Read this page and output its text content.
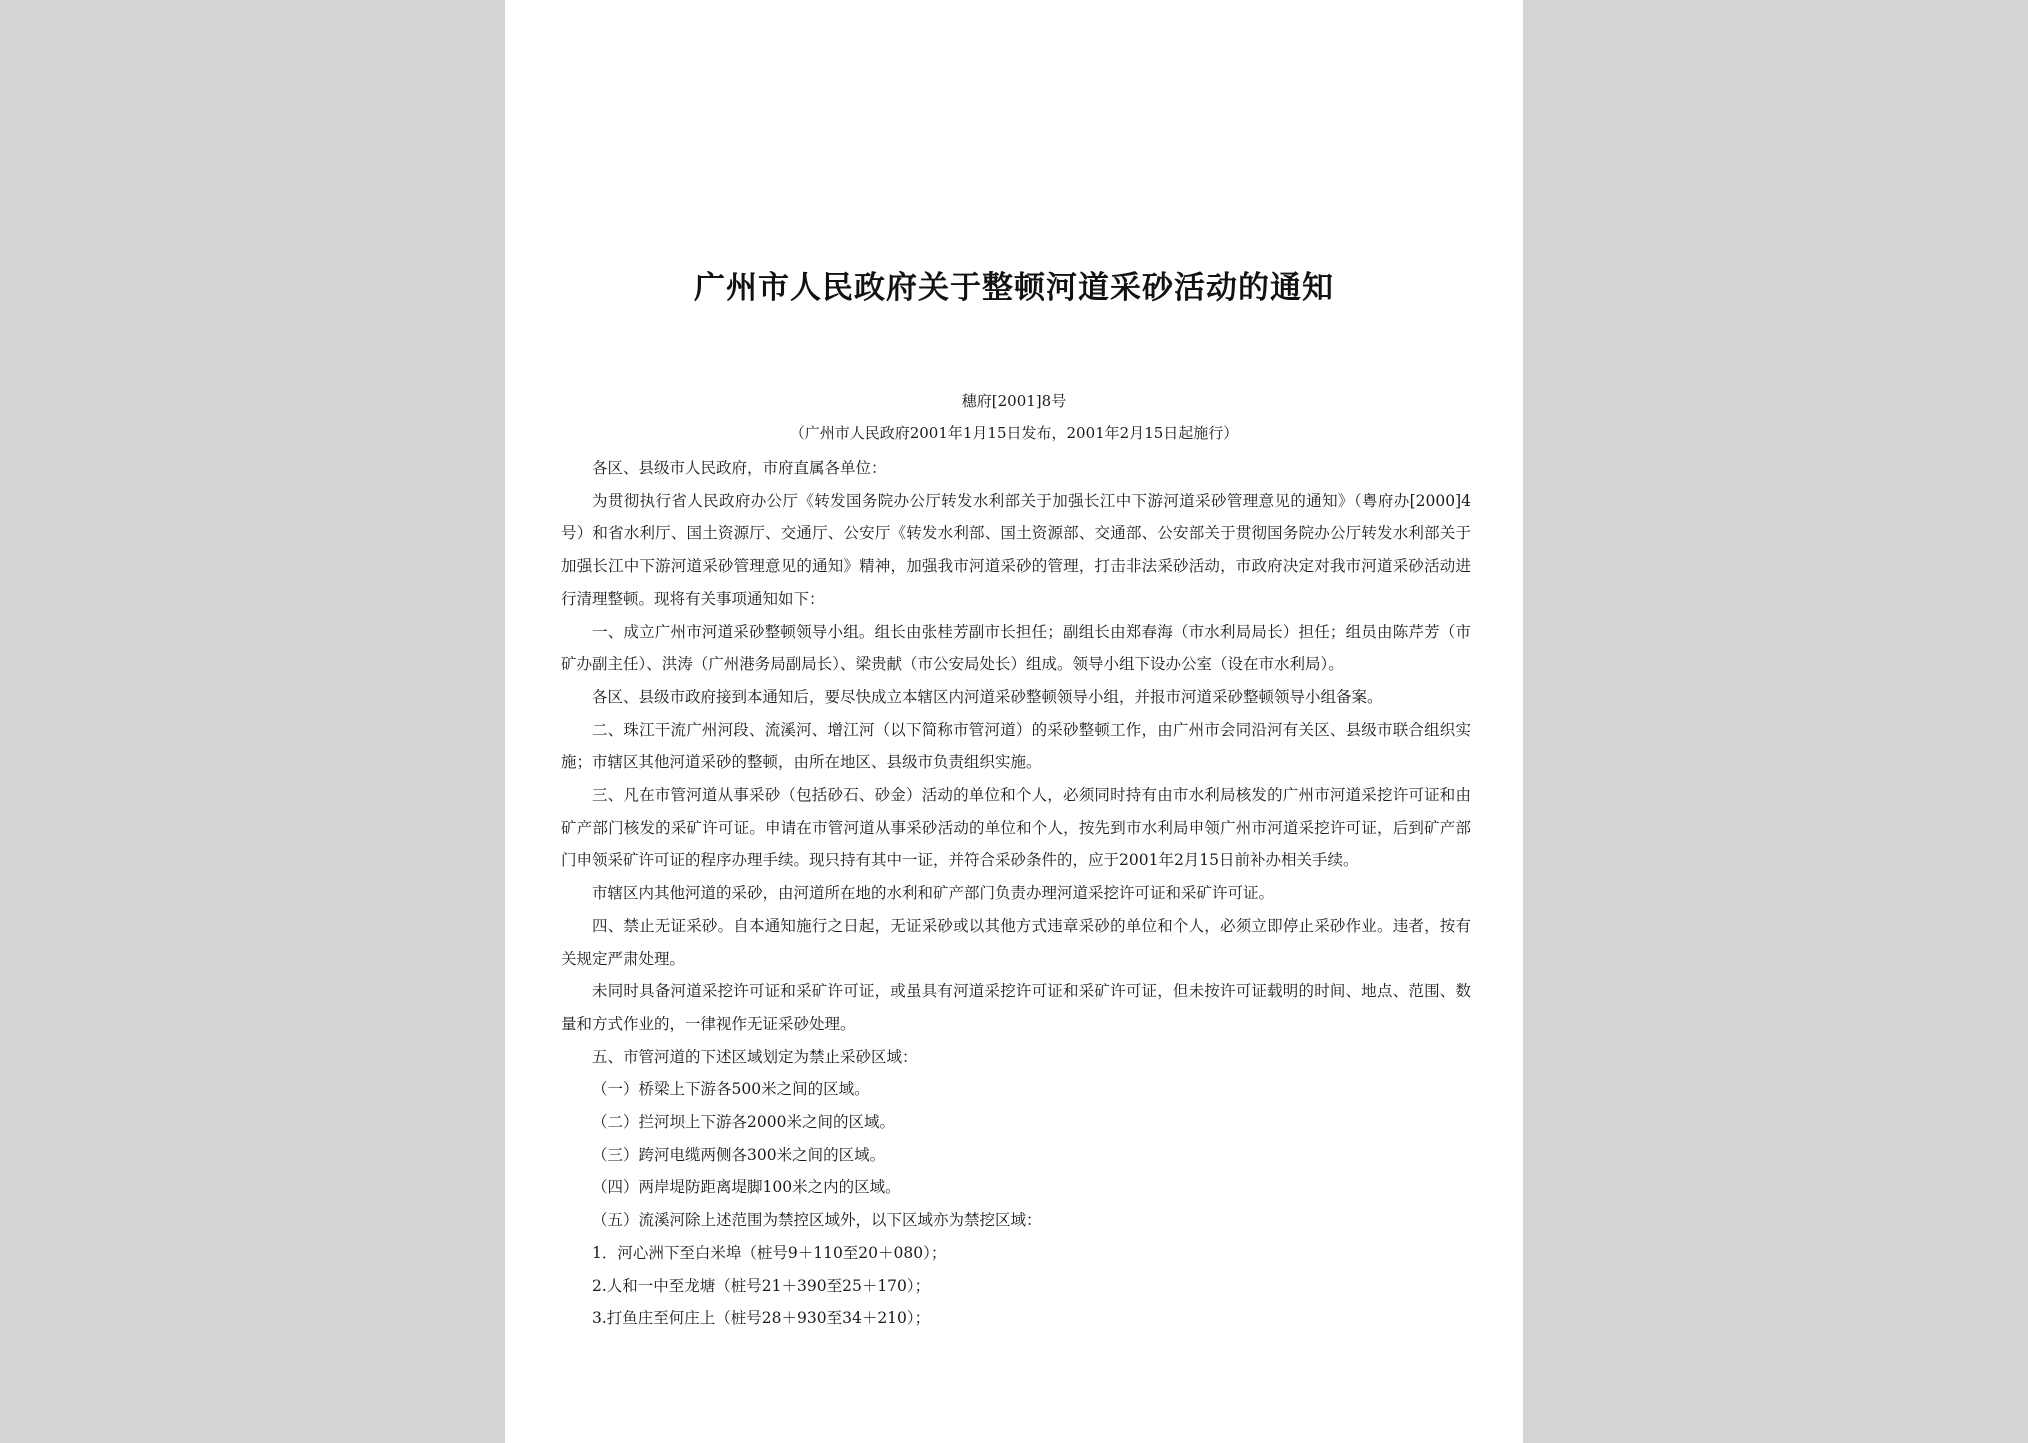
广州市人民政府关于整顿河道采砂活动的通知
穗府[2001]8号
（广州市人民政府2001年1月15日发布，2001年2月15日起施行）

各区、县级市人民政府，市府直属各单位：

为贯彻执行省人民政府办公厅《转发国务院办公厅转发水利部关于加强长江中下游河道采砂管理意见的通知》（粤府办[2000]4号）和省水利厅、国土资源厅、交通厅、公安厅《转发水利部、国土资源部、交通部、公安部关于贯彻国务院办公厅转发水利部关于加强长江中下游河道采砂管理意见的通知》精神，加强我市河道采砂的管理，打击非法采砂活动，市政府决定对我市河道采砂活动进行清理整顿。现将有关事项通知如下：

一、成立广州市河道采砂整顿领导小组。组长由张桂芳副市长担任；副组长由郑春海（市水利局局长）担任；组员由陈芹芳（市矿办副主任）、洪涛（广州港务局副局长）、梁贵献（市公安局处长）组成。领导小组下设办公室（设在市水利局）。

各区、县级市政府接到本通知后，要尽快成立本辖区内河道采砂整顿领导小组，并报市河道采砂整顿领导小组备案。

二、珠江干流广州河段、流溪河、增江河（以下简称市管河道）的采砂整顿工作，由广州市会同沿河有关区、县级市联合组织实施；市辖区其他河道采砂的整顿，由所在地区、县级市负责组织实施。

三、凡在市管河道从事采砂（包括砂石、砂金）活动的单位和个人，必须同时持有由市水利局核发的广州市河道采挖许可证和由矿产部门核发的采矿许可证。申请在市管河道从事采砂活动的单位和个人，按先到市水利局申领广州市河道采挖许可证，后到矿产部门申领采矿许可证的程序办理手续。现只持有其中一证，并符合采砂条件的，应于2001年2月15日前补办相关手续。

市辖区内其他河道的采砂，由河道所在地的水利和矿产部门负责办理河道采挖许可证和采矿许可证。

四、禁止无证采砂。自本通知施行之日起，无证采砂或以其他方式违章采砂的单位和个人，必须立即停止采砂作业。违者，按有关规定严肃处理。

未同时具备河道采挖许可证和采矿许可证，或虽具有河道采挖许可证和采矿许可证，但未按许可证载明的时间、地点、范围、数量和方式作业的，一律视作无证采砂处理。

五、市管河道的下述区域划定为禁止采砂区域：

（一）桥梁上下游各500米之间的区域。

（二）拦河坝上下游各2000米之间的区域。

（三）跨河电缆两侧各300米之间的区域。

（四）两岸堤防距离堤脚100米之内的区域。

（五）流溪河除上述范围为禁控区域外，以下区域亦为禁挖区域：

1．河心洲下至白米埠（桩号9＋110至20＋080）；

2.人和一中至龙塘（桩号21＋390至25＋170）；

3.打鱼庄至何庄上（桩号28＋930至34＋210）；
